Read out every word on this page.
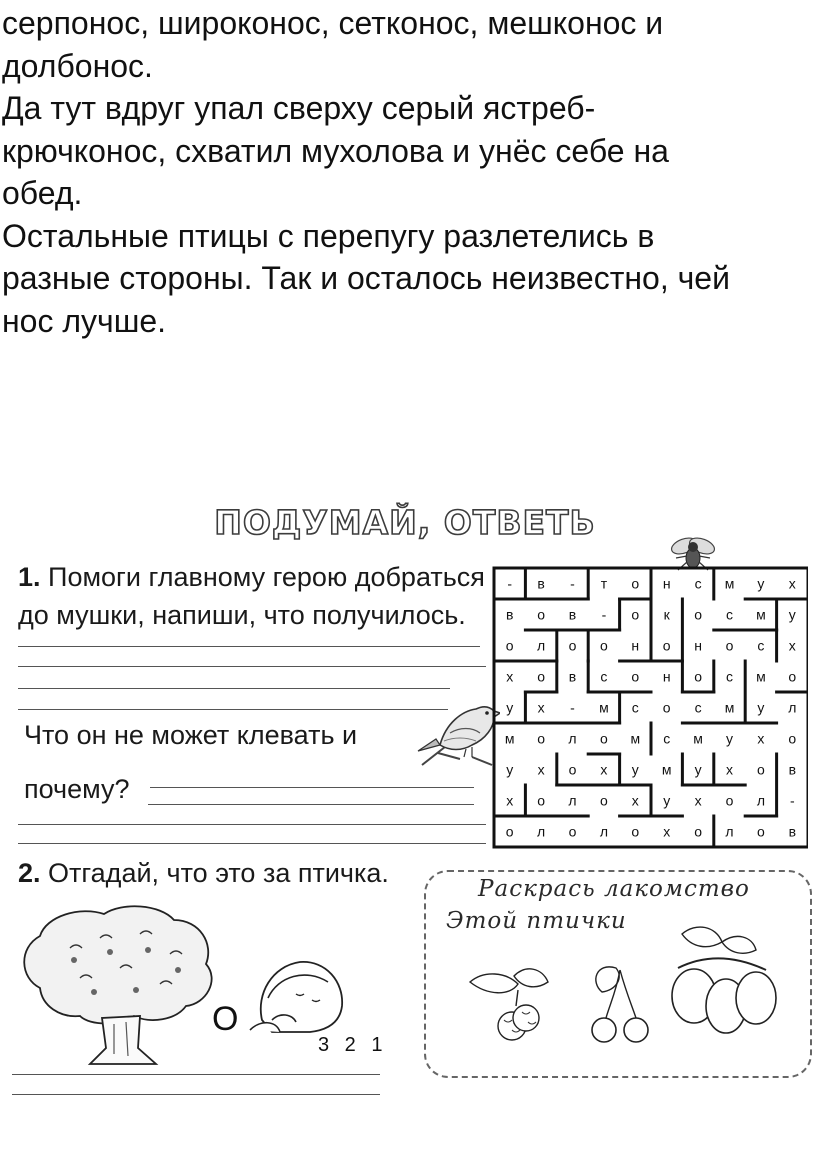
серпонос, широконос, сетконос, мешконос и

долбонос.

Да тут вдруг упал сверху серый ястреб-

крючконос, схватил мухолова и унёс себе на

обед.

Остальные птицы с перепугу разлетелись в

разные стороны. Так и осталось неизвестно, чей

нос лучше.

ПОДУМАЙ, ОТВЕТЬ
1. Помоги главному герою добраться
до мушки, напиши, что получилось.
Что он не может клевать и
почему?
- в - т о н с м у х
в о в - о к о с м у
о л о о н о н о с х
х о в с о н о с м о
у х - м с о с м у л
м о л о м с м у х о
у х о х у м у х о в
х о л о х у х о л -
о л о л о х о л о в
2. Отгадай, что это за птичка.
О
3 2 1
Раскрась лакомство
Этой птички
